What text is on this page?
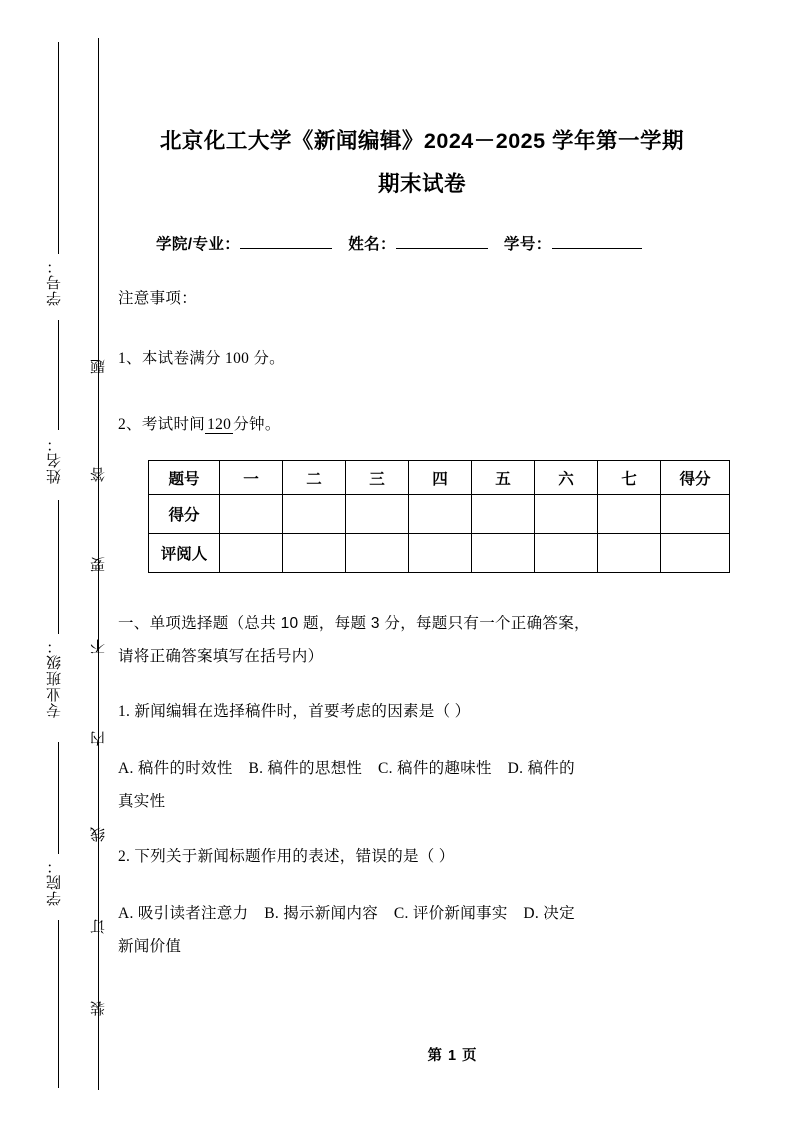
学号：
姓名：
专业班级：
学院：
题
答
要
不
内
线
订
装
北京化工大学《新闻编辑》2024－2025 学年第一学期
期末试卷
学院/专业：	姓名：	学号：
注意事项：
1、本试卷满分 100 分。
2、考试时间 120 分钟。
题号	一	二	三	四	五	六	七	得分
得分								
评阅人								
一、单项选择题（总共 10 题，每题 3 分，每题只有一个正确答案，
请将正确答案填写在括号内）
1. 新闻编辑在选择稿件时，首要考虑的因素是（ ）
A. 稿件的时效性　B. 稿件的思想性　C. 稿件的趣味性　D. 稿件的
真实性
2. 下列关于新闻标题作用的表述，错误的是（ ）
A. 吸引读者注意力　B. 揭示新闻内容　C. 评价新闻事实　D. 决定
新闻价值
第 1 页
